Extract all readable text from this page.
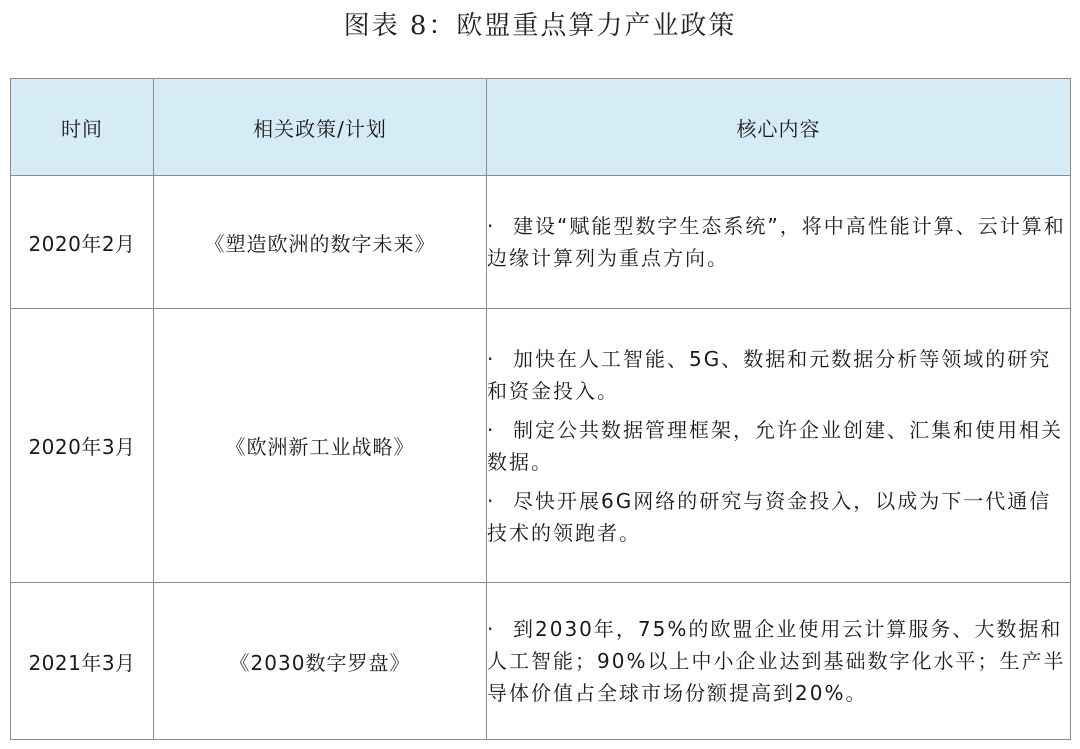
图表 8：欧盟重点算力产业政策
时间	相关政策/计划	核心内容
2020年2月	《塑造欧洲的数字未来》	· 建设“赋能型数字生态系统”，将中高性能计算、云计算和边缘计算列为重点方向。

2020年3月	《欧洲新工业战略》	· 加快在人工智能、5G、数据和元数据分析等领域的研究和资金投入。

· 制定公共数据管理框架，允许企业创建、汇集和使用相关数据。

· 尽快开展6G网络的研究与资金投入，以成为下一代通信技术的领跑者。

2021年3月	《2030数字罗盘》	· 到2030年，75%的欧盟企业使用云计算服务、大数据和人工智能；90%以上中小企业达到基础数字化水平；生产半导体价值占全球市场份额提高到20%。
